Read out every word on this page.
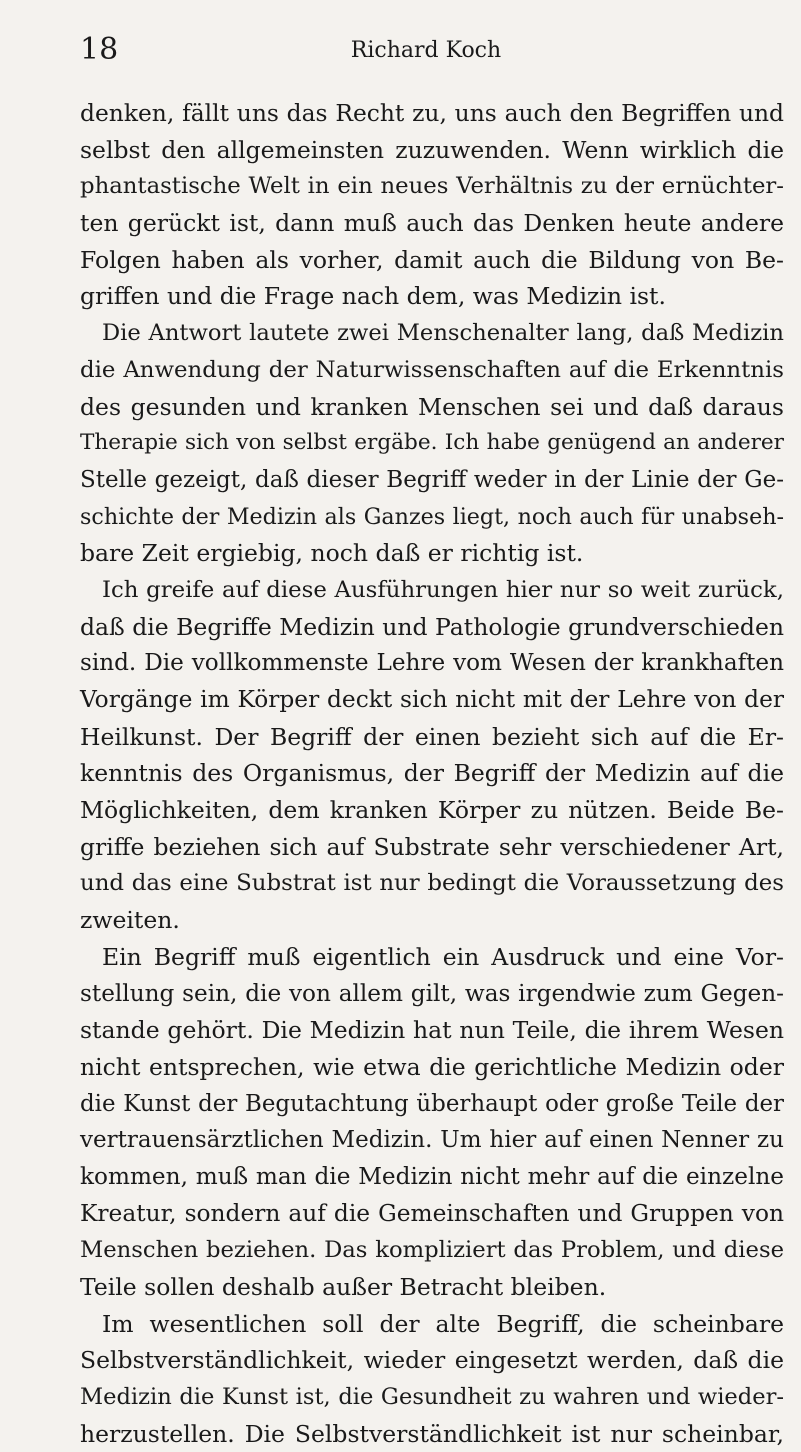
18	Richard Koch
denken, fällt uns das Recht zu, uns auch den Begriffen und
selbst den allgemeinsten zuzuwenden. Wenn wirklich die
phantastische Welt in ein neues Verhältnis zu der ernüchter-
ten gerückt ist, dann muß auch das Denken heute andere
Folgen haben als vorher, damit auch die Bildung von Be-
griffen und die Frage nach dem, was Medizin ist.
Die Antwort lautete zwei Menschenalter lang, daß Medizin
die Anwendung der Naturwissenschaften auf die Erkenntnis
des gesunden und kranken Menschen sei und daß daraus
Therapie sich von selbst ergäbe. Ich habe genügend an anderer
Stelle gezeigt, daß dieser Begriff weder in der Linie der Ge-
schichte der Medizin als Ganzes liegt, noch auch für unabseh-
bare Zeit ergiebig, noch daß er richtig ist.
Ich greife auf diese Ausführungen hier nur so weit zurück,
daß die Begriffe Medizin und Pathologie grundverschieden
sind. Die vollkommenste Lehre vom Wesen der krankhaften
Vorgänge im Körper deckt sich nicht mit der Lehre von der
Heilkunst. Der Begriff der einen bezieht sich auf die Er-
kenntnis des Organismus, der Begriff der Medizin auf die
Möglichkeiten, dem kranken Körper zu nützen. Beide Be-
griffe beziehen sich auf Substrate sehr verschiedener Art,
und das eine Substrat ist nur bedingt die Voraussetzung des
zweiten.
Ein Begriff muß eigentlich ein Ausdruck und eine Vor-
stellung sein, die von allem gilt, was irgendwie zum Gegen-
stande gehört. Die Medizin hat nun Teile, die ihrem Wesen
nicht entsprechen, wie etwa die gerichtliche Medizin oder
die Kunst der Begutachtung überhaupt oder große Teile der
vertrauensärztlichen Medizin. Um hier auf einen Nenner zu
kommen, muß man die Medizin nicht mehr auf die einzelne
Kreatur, sondern auf die Gemeinschaften und Gruppen von
Menschen beziehen. Das kompliziert das Problem, und diese
Teile sollen deshalb außer Betracht bleiben.
Im wesentlichen soll der alte Begriff, die scheinbare
Selbstverständlichkeit, wieder eingesetzt werden, daß die
Medizin die Kunst ist, die Gesundheit zu wahren und wieder-
herzustellen. Die Selbstverständlichkeit ist nur scheinbar,
